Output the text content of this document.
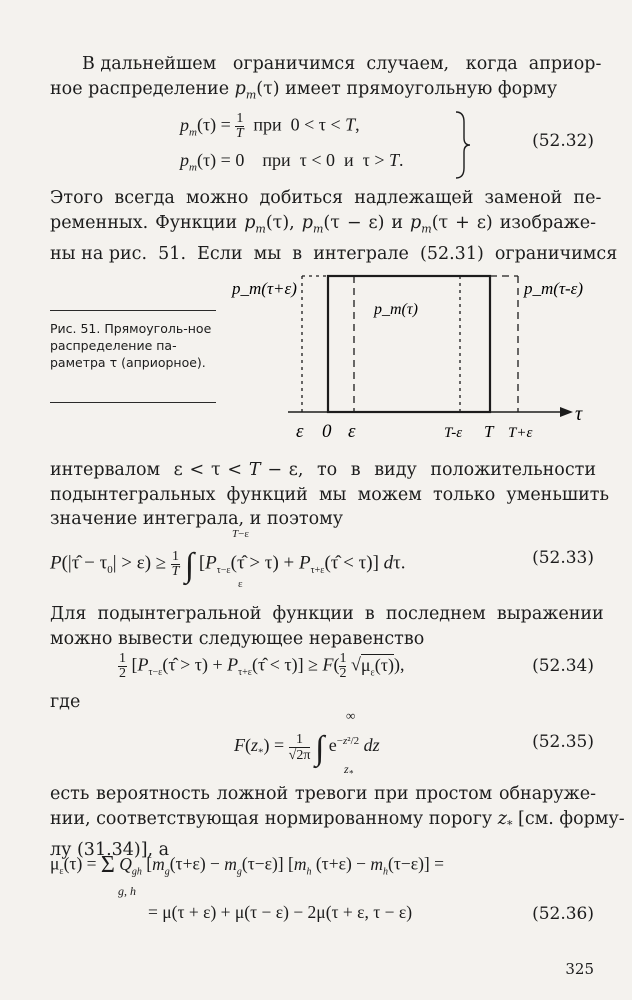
В дальнейшем   ограничимся  случаем,   когда  априор-
ное распределение $p_m(\tau)$ имеет прямоугольную форму
$p_m(\tau) = \frac{1}{T}$ при  0 < τ < T,
$p_m(\tau) = 0$    при  τ < 0  и  τ > T.
(52.32)
Этого  всегда  можно  добиться  надлежащей  заменой  пе-
ременных. Функции $p_m(\tau)$, $p_m(\tau - \varepsilon)$ и $p_m(\tau + \varepsilon)$ изображе-
ны на рис.  51.  Если  мы  в  интеграле  (52.31)  ограничимся
Рис. 51. Прямоуголь-ное распределение па-раметра τ (априорное).
τ
p_m(τ+ε)
p_m(τ)
p_m(τ-ε)
ε 0 ε	T-ε T T+ε
интервалом  ε < τ < T − ε,  то  в  виду  положительности
подынтегральных  функций  мы  можем  только  уменьшить
значение интеграла, и поэтому
P(|τ̂ − $\tau_0| > \varepsilon) \ge \frac{1}{T}$ ∫ [$P_{\tau-\varepsilon}(\taû > \tau)$ + $P_{\tau+\varepsilon}(\taû < \tau)$] dτ.
T−ε
ε
(52.33)
Для  подынтегральной  функции  в  последнем  выражении
можно вывести следующее неравенство
$\frac{1}{2}$ [$P_{\tau-\varepsilon}(\taû > \tau)$ + $P_{\tau+\varepsilon}(\taû < \tau)] \ge F( \frac{1}{2} √\mu_\varepsilon(\tau))$,	(52.34)
где
$F(z_*) = \frac{1}{√2\pi}$ ∫ $e^{-z^2/2}$ dz
∞
$z_*$
(52.35)
есть вероятность ложной тревоги при простом обнаруже-
нии, соответствующая нормированному порогу $z_*$ [см. форму-
лу (31.34)], а
$\mu_\varepsilon(\tau) = \Sigma$ $Q_{gh}$ $[m_g(\tau+\varepsilon) - m_g(\tau-\varepsilon)]$ [$m_h$ $(\tau+\varepsilon) - m_h(\tau-\varepsilon)$] =
g, h
= μ(τ + ε) + μ(τ − ε) − 2μ(τ + ε, τ − ε)	(52.36)
325
